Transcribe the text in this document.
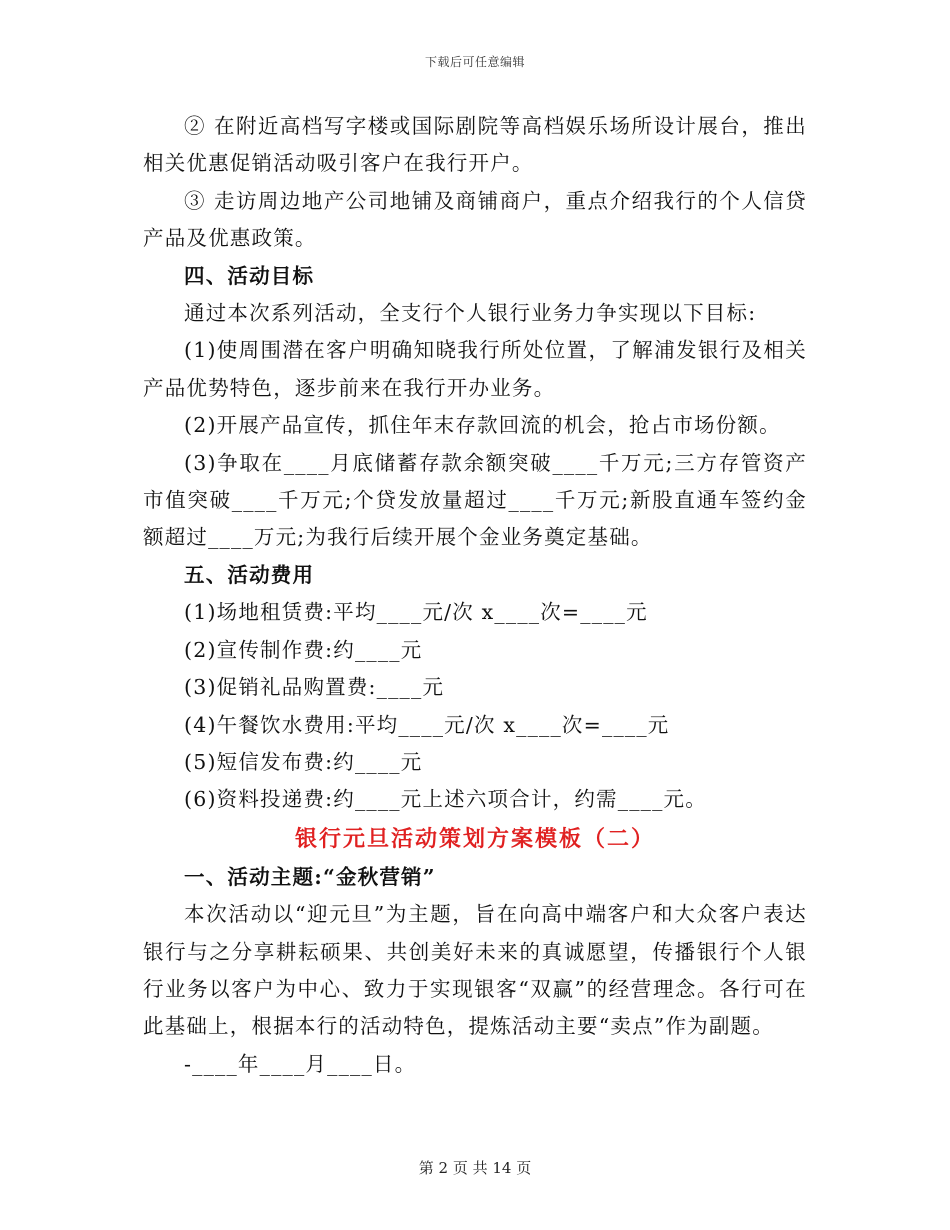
下载后可任意编辑

② 在附近高档写字楼或国际剧院等高档娱乐场所设计展台，推出相关优惠促销活动吸引客户在我行开户。

③ 走访周边地产公司地铺及商铺商户，重点介绍我行的个人信贷产品及优惠政策。

四、活动目标

通过本次系列活动，全支行个人银行业务力争实现以下目标:

(1)使周围潜在客户明确知晓我行所处位置，了解浦发银行及相关产品优势特色，逐步前来在我行开办业务。

(2)开展产品宣传，抓住年末存款回流的机会，抢占市场份额。

(3)争取在____月底储蓄存款余额突破____千万元;三方存管资产市值突破____千万元;个贷发放量超过____千万元;新股直通车签约金额超过____万元;为我行后续开展个金业务奠定基础。

五、活动费用

(1)场地租赁费:平均____元/次 x____次=____元

(2)宣传制作费:约____元

(3)促销礼品购置费:____元

(4)午餐饮水费用:平均____元/次 x____次=____元

(5)短信发布费:约____元

(6)资料投递费:约____元上述六项合计，约需____元。

银行元旦活动策划方案模板（二）

一、活动主题:“金秋营销”

本次活动以“迎元旦”为主题，旨在向高中端客户和大众客户表达银行与之分享耕耘硕果、共创美好未来的真诚愿望，传播银行个人银行业务以客户为中心、致力于实现银客“双赢”的经营理念。各行可在此基础上，根据本行的活动特色，提炼活动主要“卖点”作为副题。

-____年____月____日。

第 2 页 共 14 页
